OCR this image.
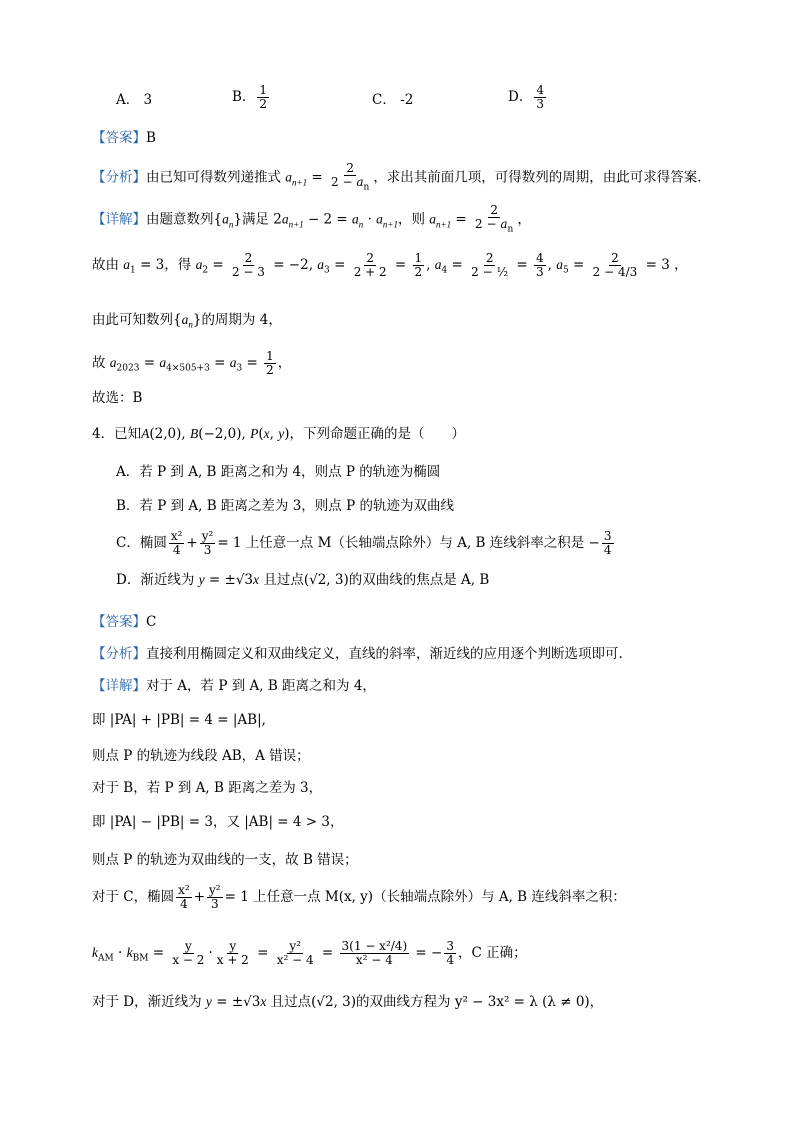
A． 3	B． $\frac{1}{2}$	C． -2	D． $\frac{4}{3}$
【答案】B
【分析】由已知可得数列递推式 $a_{n+1} = \frac{2}{2 - a_n}$ ，求出其前面几项，可得数列的周期，由此可求得答案.
【详解】由题意数列$\{a_n\}$满足 $2a_{n+1} - 2 = a_n \cdot a_{n+1}$，则 $a_{n+1} = \frac{2}{2 - a_n}$ ，
故由 $a_1 = 3$，得 $a_2 = \frac{2}{2 - 3} = -2$, $a_3 = \frac{2}{2 + 2} = \frac{1}{2}$ , $a_4 = \frac{2}{\text{2 − ½}} = \frac{4}{3}$ , $a_5 = \frac{2}{2 - 4/3} = 3$ ，
由此可知数列$\{a_n\}$的周期为 4，
故 $a_{2023} = a_{4\times 505+3} = a_3 = \frac{1}{2}$ ，
故选：B
4．已知A(2,0), B(−2,0), P(x, y)，下列命题正确的是（　　）
A．若 P 到 A, B 距离之和为 4，则点 P 的轨迹为椭圆
B．若 P 到 A, B 距离之差为 3，则点 P 的轨迹为双曲线
C．椭圆 $\frac{\text{x²}}{4} + \frac{\text{y²}}{3} = 1$ 上任意一点 M（长轴端点除外）与 A, B 连线斜率之积是 − $\frac{3}{4}$
D．渐近线为 y = ±√3x 且过点(√2, 3)的双曲线的焦点是 A, B
【答案】C
【分析】直接利用椭圆定义和双曲线定义，直线的斜率，渐近线的应用逐个判断选项即可.
【详解】对于 A，若 P 到 A, B 距离之和为 4，
即 |PA| + |PB| = 4 = |AB|,
则点 P 的轨迹为线段 AB，A 错误；
对于 B，若 P 到 A, B 距离之差为 3，
即 |PA| − |PB| = 3，又 |AB| = 4 > 3，
则点 P 的轨迹为双曲线的一支，故 B 错误；
对于 C，椭圆 $\frac{\text{x²}}{4} + \frac{\text{y²}}{3} = 1$ 上任意一点 M(x, y)（长轴端点除外）与 A, B 连线斜率之积：
$k_{AM} \cdot k_{BM} = \frac{y}{x - 2} \cdot \frac{y}{x + 2} = \frac{\text{y²}}{\text{x² − 4}} = \frac{\text{3(1 − x²/4)}}{\text{x² − 4}}$ = − $\frac{3}{4}$ ，C 正确；
对于 D，渐近线为 y = ±√3x 且过点(√2, 3)的双曲线方程为 y² − 3x² = λ (λ ≠ 0)，
